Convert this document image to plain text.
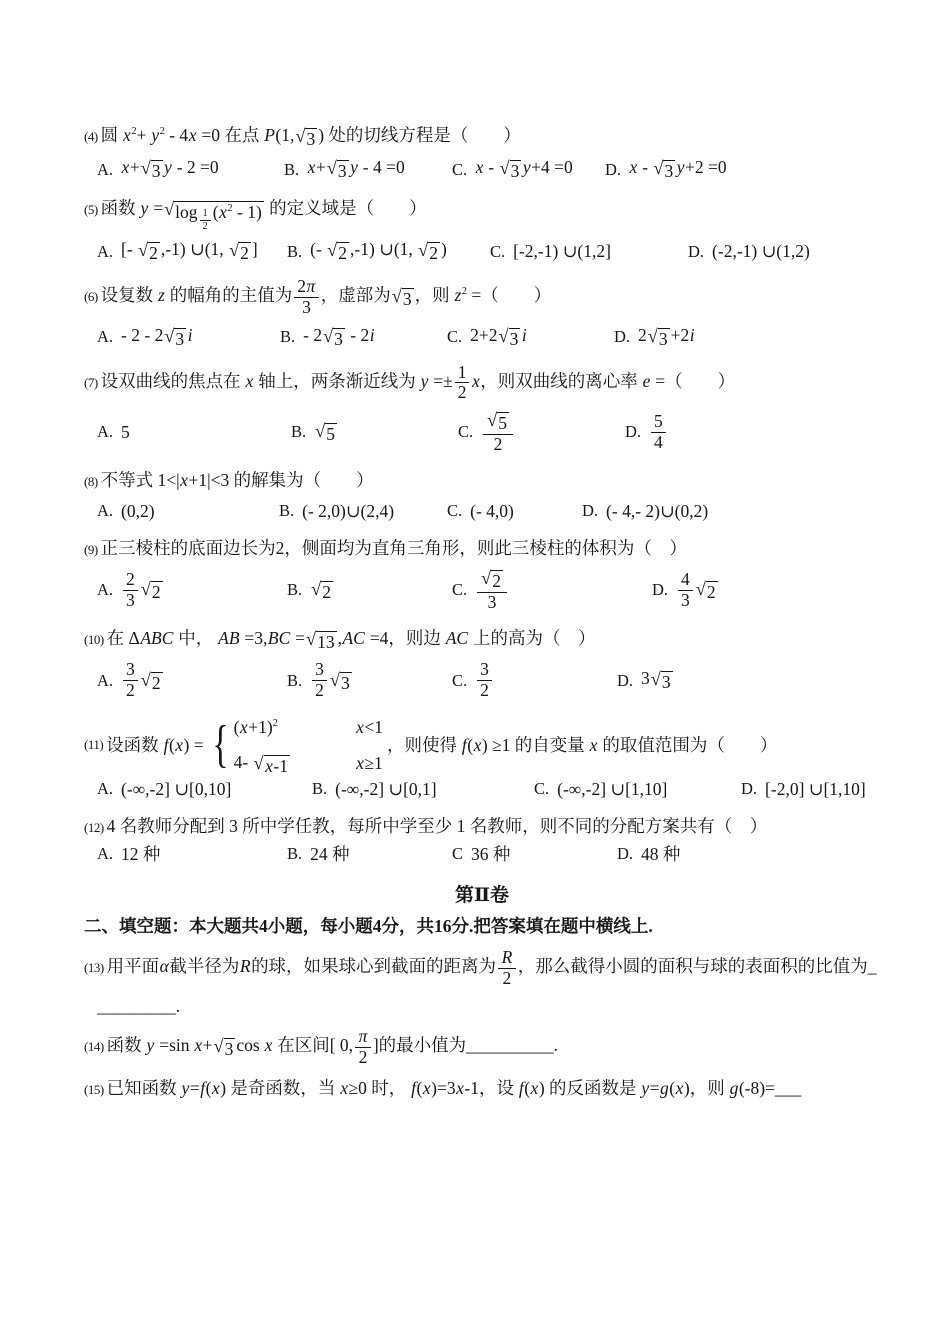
(4) 圆 $x^2+ y^2 - 4x =0$ 在点 P(1, √ 3 ) 处的切线方程是（　　）
A. x+ √ 3 y - 2 =0	B. x+ √ 3 y - 4 =0	C. x - √ 3 y+4 =0 D. x - √ 3 y+2 =0
(5) 函数 y = √ log $_{\frac{1}{2}}$ $(x^2 - 1)$ 的定义域是（　　）
A. [- √ 2 ,-1) ∪(1, √ 2 ] B. (- √ 2 ,-1) ∪(1, √ 2 )	C. [-2,-1) ∪(1,2]	D. (-2,-1) ∪(1,2)
(6) 设复数 z 的幅角的主值为 $\frac{2\pi}{3}$ ，虚部为 √ 3 ，则 $z^2$ =（　　）
A. - 2 - 2 √ 3 i	B. - 2 √ 3 - 2i	C. 2+2 √ 3 i	D. 2 √ 3 +2i
(7) 设双曲线的焦点在 x 轴上，两条渐近线为 $y =\pm \frac{1}{2}$ x，则双曲线的离心率 e =（　　）
A. 5	B. √ 5	C. $\frac{√ 5}{2}$	D. $\frac{5}{4}$
(8) 不等式 1<|x+1|<3 的解集为（　　）
A. (0,2)	B. (- 2,0)∪(2,4)	C. (- 4,0)	D. (- 4,- 2)∪(0,2)
(9) 正三棱柱的底面边长为2，侧面均为直角三角形，则此三棱柱的体积为（　）
A. $\frac{2}{3}$ √ 2	B. √ 2	C. $\frac{√ 2}{3}$	D. $\frac{4}{3}$ √ 2
(10) 在 ΔABC 中， AB =3,BC = √ 13 ,AC =4，则边 AC 上的高为（　）
A. $\frac{3}{2}$ √ 2	B. $\frac{3}{2}$ √ 3	C. $\frac{3}{2}$	D. 3 √ 3
(11) 设函数 f(x) = { $(x+1)^2$	x<1
4- √ x-1	x≥1
，则使得 f(x) ≥1 的自变量 x 的取值范围为（　　）
A. (-∞,-2] ∪[0,10]	B. (-∞,-2] ∪[0,1]	C. (-∞,-2] ∪[1,10]	D. [-2,0] ∪[1,10]
(12) 4 名教师分配到 3 所中学任教，每所中学至少 1 名教师，则不同的分配方案共有（　）
A. 12 种	B. 24 种	C 36 种	D. 48 种
第Ⅱ卷
二、填空题：本大题共4小题，每小题4分，共16分.把答案填在题中横线上.
(13) 用平面α截半径为R的球，如果球心到截面的距离为 $\frac{R}{2}$ ，那么截得小圆的面积与球的表面积的比值为_
_________.
(14) 函数 y =sin x+ √ 3 cos x 在区间[ 0, $\frac{\pi}{2}$ ]的最小值为__________.
(15) 已知函数 y=f(x) 是奇函数，当 x≥0 时， f(x)=3x-1，设 f(x) 的反函数是 y=g(x)，则 g(-8)=___
